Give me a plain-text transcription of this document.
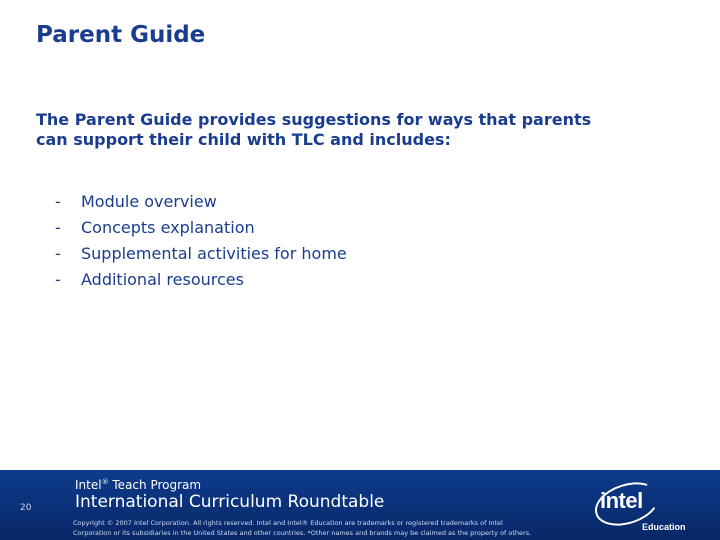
Parent Guide
The Parent Guide provides suggestions for ways that parents
can support their child with TLC and includes:
- Module overview
- Concepts explanation
- Supplemental activities for home
- Additional resources
20
Intel® Teach Program
International Curriculum Roundtable
Copyright © 2007 Intel Corporation. All rights reserved. Intel and Intel® Education are trademarks or registered trademarks of Intel
Corporation or its subsidiaries in the United States and other countries. *Other names and brands may be claimed as the property of others.
intel
Education
